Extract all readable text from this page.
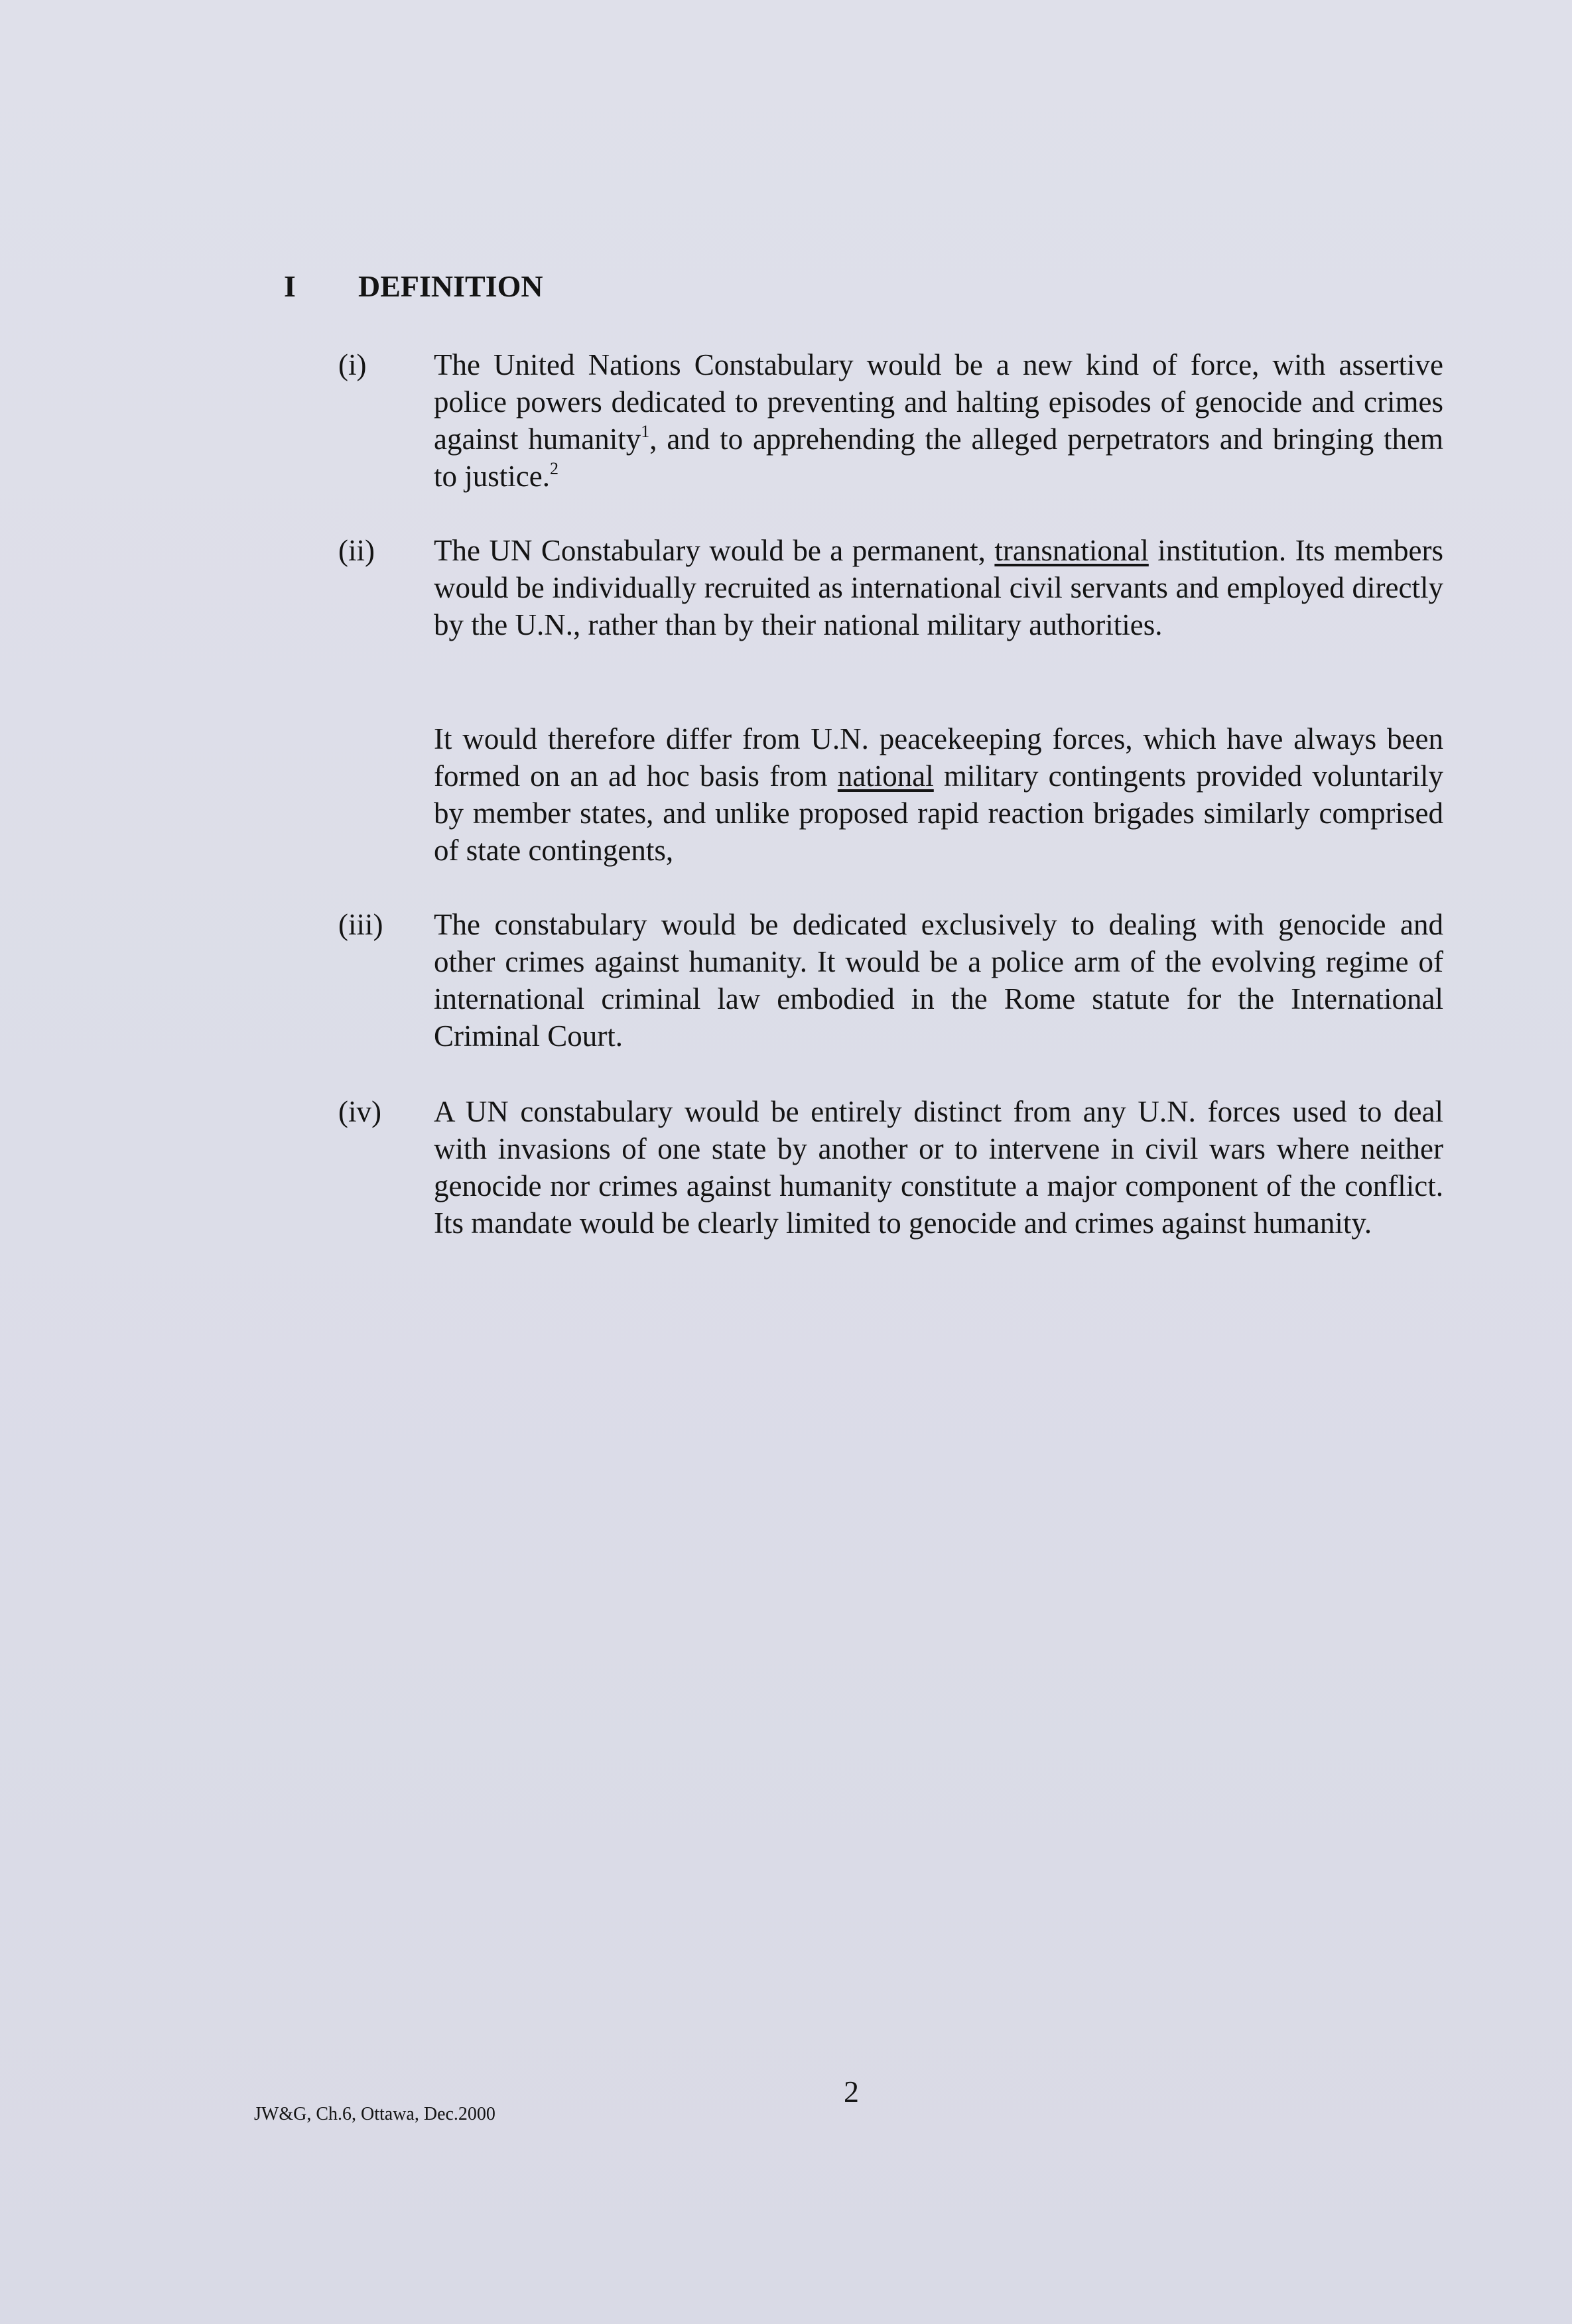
I DEFINITION
(i) The United Nations Constabulary would be a new kind of force, with assertive police powers dedicated to preventing and halting episodes of genocide and crimes against humanity$^1$, and to apprehending the alleged perpetrators and bringing them to justice.$^2$
(ii) The UN Constabulary would be a permanent, transnational institution. Its members would be individually recruited as international civil servants and employed directly by the U.N., rather than by their national military authorities.
It would therefore differ from U.N. peacekeeping forces, which have always been formed on an ad hoc basis from national military contingents provided voluntarily by member states, and unlike proposed rapid reaction brigades similarly comprised of state contingents,
(iii) The constabulary would be dedicated exclusively to dealing with genocide and other crimes against humanity. It would be a police arm of the evolving regime of international criminal law embodied in the Rome statute for the International Criminal Court.
(iv) A UN constabulary would be entirely distinct from any U.N. forces used to deal with invasions of one state by another or to intervene in civil wars where neither genocide nor crimes against humanity constitute a major component of the conflict. Its mandate would be clearly limited to genocide and crimes against humanity.
2
JW&G, Ch.6, Ottawa, Dec.2000
